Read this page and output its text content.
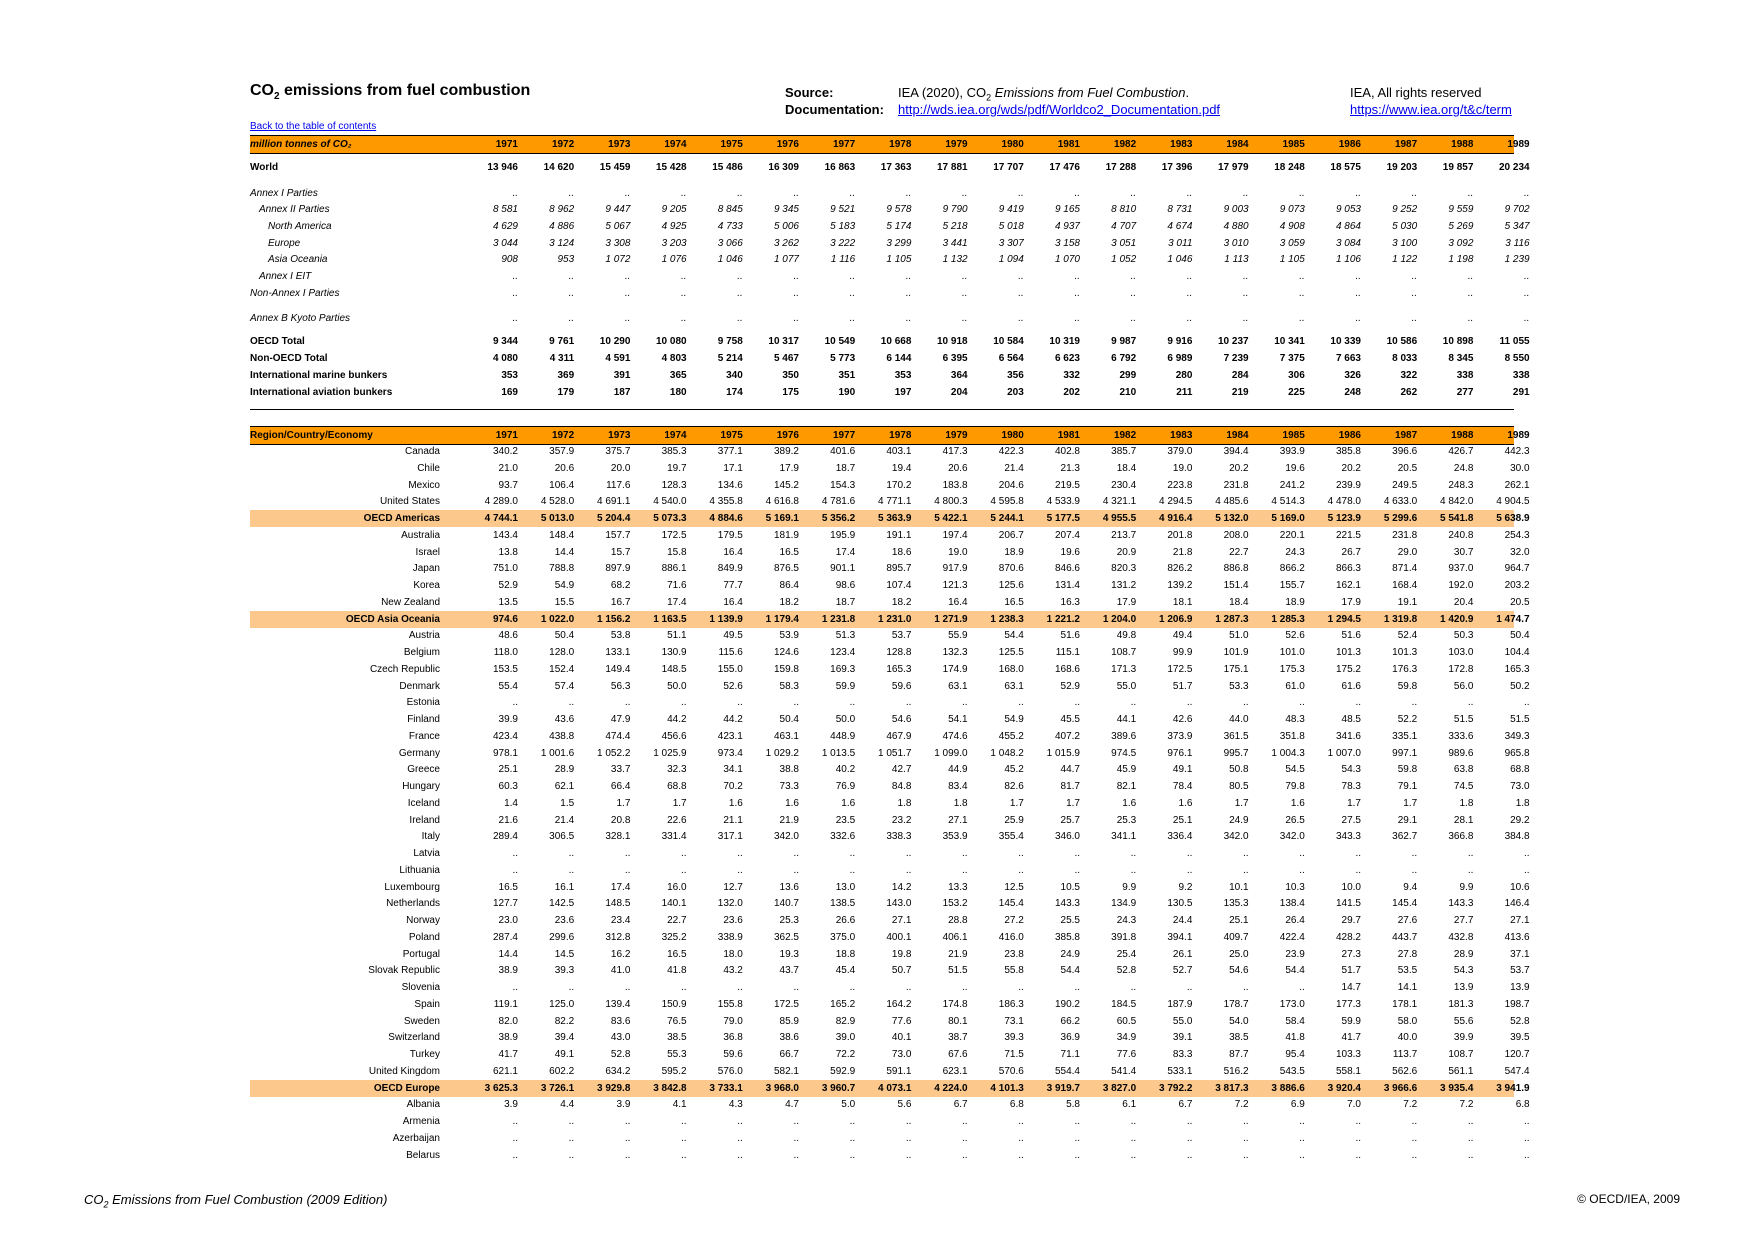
$CO_2$ emissions from fuel combustion	Source:	IEA (2020), $CO_2$ Emissions from Fuel Combustion.
Documentation: http://wds.iea.org/wds/pdf/Worldco2_Documentation.pdf
IEA, All rights reserved
https://www.iea.org/t&c/term
Back to the table of contents
million tonnes of CO₂	1971	1972	1973	1974	1975	1976	1977	1978	1979	1980	1981	1982	1983	1984	1985	1986	1987	1988	1989
World	13 946	14 620	15 459	15 428	15 486	16 309	16 863	17 363	17 881	17 707	17 476	17 288	17 396	17 979	18 248	18 575	19 203	19 857	20 234
Annex I Parties	..	..	..	..	..	..	..	..	..	..	..	..	..	..	..	..	..	..	..
Annex II Parties	8 581	8 962	9 447	9 205	8 845	9 345	9 521	9 578	9 790	9 419	9 165	8 810	8 731	9 003	9 073	9 053	9 252	9 559	9 702
North America	4 629	4 886	5 067	4 925	4 733	5 006	5 183	5 174	5 218	5 018	4 937	4 707	4 674	4 880	4 908	4 864	5 030	5 269	5 347
Europe	3 044	3 124	3 308	3 203	3 066	3 262	3 222	3 299	3 441	3 307	3 158	3 051	3 011	3 010	3 059	3 084	3 100	3 092	3 116
Asia Oceania	908	953	1 072	1 076	1 046	1 077	1 116	1 105	1 132	1 094	1 070	1 052	1 046	1 113	1 105	1 106	1 122	1 198	1 239
Annex I EIT	..	..	..	..	..	..	..	..	..	..	..	..	..	..	..	..	..	..	..
Non-Annex I Parties	..	..	..	..	..	..	..	..	..	..	..	..	..	..	..	..	..	..	..
Annex B Kyoto Parties	..	..	..	..	..	..	..	..	..	..	..	..	..	..	..	..	..	..	..
OECD Total	9 344	9 761	10 290	10 080	9 758	10 317	10 549	10 668	10 918	10 584	10 319	9 987	9 916	10 237	10 341	10 339	10 586	10 898	11 055
Non-OECD Total	4 080	4 311	4 591	4 803	5 214	5 467	5 773	6 144	6 395	6 564	6 623	6 792	6 989	7 239	7 375	7 663	8 033	8 345	8 550
International marine bunkers	353	369	391	365	340	350	351	353	364	356	332	299	280	284	306	326	322	338	338
International aviation bunkers	169	179	187	180	174	175	190	197	204	203	202	210	211	219	225	248	262	277	291
Region/Country/Economy	1971	1972	1973	1974	1975	1976	1977	1978	1979	1980	1981	1982	1983	1984	1985	1986	1987	1988	1989
Canada	340.2	357.9	375.7	385.3	377.1	389.2	401.6	403.1	417.3	422.3	402.8	385.7	379.0	394.4	393.9	385.8	396.6	426.7	442.3
Chile	21.0	20.6	20.0	19.7	17.1	17.9	18.7	19.4	20.6	21.4	21.3	18.4	19.0	20.2	19.6	20.2	20.5	24.8	30.0
Mexico	93.7	106.4	117.6	128.3	134.6	145.2	154.3	170.2	183.8	204.6	219.5	230.4	223.8	231.8	241.2	239.9	249.5	248.3	262.1
United States	4 289.0	4 528.0	4 691.1	4 540.0	4 355.8	4 616.8	4 781.6	4 771.1	4 800.3	4 595.8	4 533.9	4 321.1	4 294.5	4 485.6	4 514.3	4 478.0	4 633.0	4 842.0	4 904.5
OECD Americas	4 744.1	5 013.0	5 204.4	5 073.3	4 884.6	5 169.1	5 356.2	5 363.9	5 422.1	5 244.1	5 177.5	4 955.5	4 916.4	5 132.0	5 169.0	5 123.9	5 299.6	5 541.8	5 638.9
Australia	143.4	148.4	157.7	172.5	179.5	181.9	195.9	191.1	197.4	206.7	207.4	213.7	201.8	208.0	220.1	221.5	231.8	240.8	254.3
Israel	13.8	14.4	15.7	15.8	16.4	16.5	17.4	18.6	19.0	18.9	19.6	20.9	21.8	22.7	24.3	26.7	29.0	30.7	32.0
Japan	751.0	788.8	897.9	886.1	849.9	876.5	901.1	895.7	917.9	870.6	846.6	820.3	826.2	886.8	866.2	866.3	871.4	937.0	964.7
Korea	52.9	54.9	68.2	71.6	77.7	86.4	98.6	107.4	121.3	125.6	131.4	131.2	139.2	151.4	155.7	162.1	168.4	192.0	203.2
New Zealand	13.5	15.5	16.7	17.4	16.4	18.2	18.7	18.2	16.4	16.5	16.3	17.9	18.1	18.4	18.9	17.9	19.1	20.4	20.5
OECD Asia Oceania	974.6	1 022.0	1 156.2	1 163.5	1 139.9	1 179.4	1 231.8	1 231.0	1 271.9	1 238.3	1 221.2	1 204.0	1 206.9	1 287.3	1 285.3	1 294.5	1 319.8	1 420.9	1 474.7
Austria	48.6	50.4	53.8	51.1	49.5	53.9	51.3	53.7	55.9	54.4	51.6	49.8	49.4	51.0	52.6	51.6	52.4	50.3	50.4
Belgium	118.0	128.0	133.1	130.9	115.6	124.6	123.4	128.8	132.3	125.5	115.1	108.7	99.9	101.9	101.0	101.3	101.3	103.0	104.4
Czech Republic	153.5	152.4	149.4	148.5	155.0	159.8	169.3	165.3	174.9	168.0	168.6	171.3	172.5	175.1	175.3	175.2	176.3	172.8	165.3
Denmark	55.4	57.4	56.3	50.0	52.6	58.3	59.9	59.6	63.1	63.1	52.9	55.0	51.7	53.3	61.0	61.6	59.8	56.0	50.2
Estonia	..	..	..	..	..	..	..	..	..	..	..	..	..	..	..	..	..	..	..
Finland	39.9	43.6	47.9	44.2	44.2	50.4	50.0	54.6	54.1	54.9	45.5	44.1	42.6	44.0	48.3	48.5	52.2	51.5	51.5
France	423.4	438.8	474.4	456.6	423.1	463.1	448.9	467.9	474.6	455.2	407.2	389.6	373.9	361.5	351.8	341.6	335.1	333.6	349.3
Germany	978.1	1 001.6	1 052.2	1 025.9	973.4	1 029.2	1 013.5	1 051.7	1 099.0	1 048.2	1 015.9	974.5	976.1	995.7	1 004.3	1 007.0	997.1	989.6	965.8
Greece	25.1	28.9	33.7	32.3	34.1	38.8	40.2	42.7	44.9	45.2	44.7	45.9	49.1	50.8	54.5	54.3	59.8	63.8	68.8
Hungary	60.3	62.1	66.4	68.8	70.2	73.3	76.9	84.8	83.4	82.6	81.7	82.1	78.4	80.5	79.8	78.3	79.1	74.5	73.0
Iceland	1.4	1.5	1.7	1.7	1.6	1.6	1.6	1.8	1.8	1.7	1.7	1.6	1.6	1.7	1.6	1.7	1.7	1.8	1.8
Ireland	21.6	21.4	20.8	22.6	21.1	21.9	23.5	23.2	27.1	25.9	25.7	25.3	25.1	24.9	26.5	27.5	29.1	28.1	29.2
Italy	289.4	306.5	328.1	331.4	317.1	342.0	332.6	338.3	353.9	355.4	346.0	341.1	336.4	342.0	342.0	343.3	362.7	366.8	384.8
Latvia	..	..	..	..	..	..	..	..	..	..	..	..	..	..	..	..	..	..	..
Lithuania	..	..	..	..	..	..	..	..	..	..	..	..	..	..	..	..	..	..	..
Luxembourg	16.5	16.1	17.4	16.0	12.7	13.6	13.0	14.2	13.3	12.5	10.5	9.9	9.2	10.1	10.3	10.0	9.4	9.9	10.6
Netherlands	127.7	142.5	148.5	140.1	132.0	140.7	138.5	143.0	153.2	145.4	143.3	134.9	130.5	135.3	138.4	141.5	145.4	143.3	146.4
Norway	23.0	23.6	23.4	22.7	23.6	25.3	26.6	27.1	28.8	27.2	25.5	24.3	24.4	25.1	26.4	29.7	27.6	27.7	27.1
Poland	287.4	299.6	312.8	325.2	338.9	362.5	375.0	400.1	406.1	416.0	385.8	391.8	394.1	409.7	422.4	428.2	443.7	432.8	413.6
Portugal	14.4	14.5	16.2	16.5	18.0	19.3	18.8	19.8	21.9	23.8	24.9	25.4	26.1	25.0	23.9	27.3	27.8	28.9	37.1
Slovak Republic	38.9	39.3	41.0	41.8	43.2	43.7	45.4	50.7	51.5	55.8	54.4	52.8	52.7	54.6	54.4	51.7	53.5	54.3	53.7
Slovenia	..	..	..	..	..	..	..	..	..	..	..	..	..	..	..	14.7	14.1	13.9	13.9
Spain	119.1	125.0	139.4	150.9	155.8	172.5	165.2	164.2	174.8	186.3	190.2	184.5	187.9	178.7	173.0	177.3	178.1	181.3	198.7
Sweden	82.0	82.2	83.6	76.5	79.0	85.9	82.9	77.6	80.1	73.1	66.2	60.5	55.0	54.0	58.4	59.9	58.0	55.6	52.8
Switzerland	38.9	39.4	43.0	38.5	36.8	38.6	39.0	40.1	38.7	39.3	36.9	34.9	39.1	38.5	41.8	41.7	40.0	39.9	39.5
Turkey	41.7	49.1	52.8	55.3	59.6	66.7	72.2	73.0	67.6	71.5	71.1	77.6	83.3	87.7	95.4	103.3	113.7	108.7	120.7
United Kingdom	621.1	602.2	634.2	595.2	576.0	582.1	592.9	591.1	623.1	570.6	554.4	541.4	533.1	516.2	543.5	558.1	562.6	561.1	547.4
OECD Europe	3 625.3	3 726.1	3 929.8	3 842.8	3 733.1	3 968.0	3 960.7	4 073.1	4 224.0	4 101.3	3 919.7	3 827.0	3 792.2	3 817.3	3 886.6	3 920.4	3 966.6	3 935.4	3 941.9
Albania	3.9	4.4	3.9	4.1	4.3	4.7	5.0	5.6	6.7	6.8	5.8	6.1	6.7	7.2	6.9	7.0	7.2	7.2	6.8
Armenia	..	..	..	..	..	..	..	..	..	..	..	..	..	..	..	..	..	..	..
Azerbaijan	..	..	..	..	..	..	..	..	..	..	..	..	..	..	..	..	..	..	..
Belarus	..	..	..	..	..	..	..	..	..	..	..	..	..	..	..	..	..	..	..
$CO_2$ Emissions from Fuel Combustion (2009 Edition)	© OECD/IEA, 2009
